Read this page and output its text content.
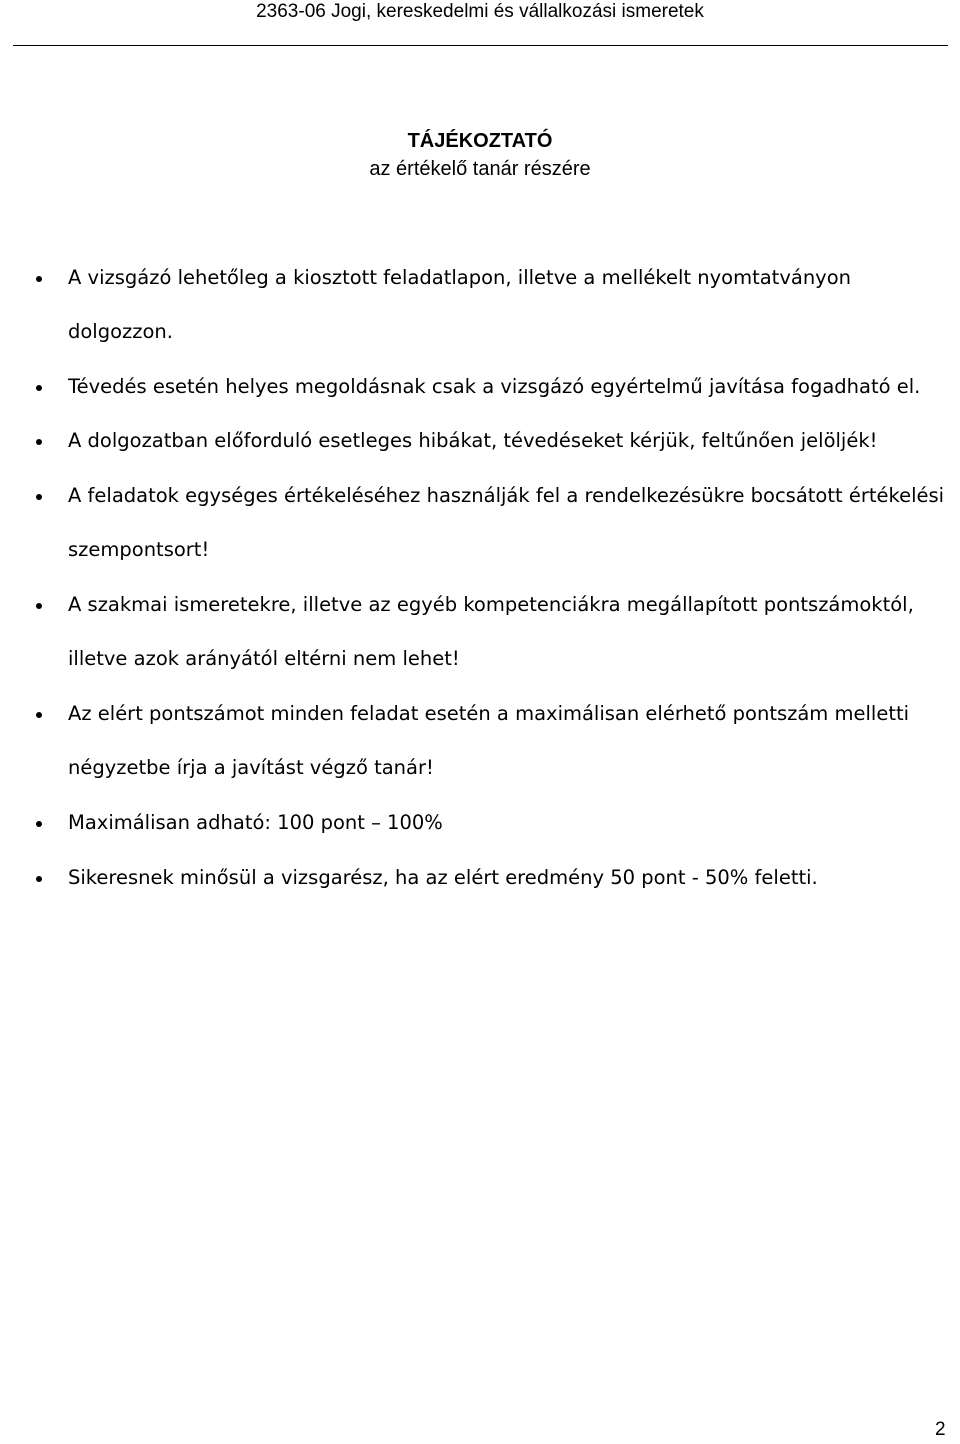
2363-06 Jogi, kereskedelmi és vállalkozási ismeretek
TÁJÉKOZTATÓ
az értékelő tanár részére
A vizsgázó lehetőleg a kiosztott feladatlapon, illetve a mellékelt nyomtatványon dolgozzon.
Tévedés esetén helyes megoldásnak csak a vizsgázó egyértelmű javítása fogadható el.
A dolgozatban előforduló esetleges hibákat, tévedéseket kérjük, feltűnően jelöljék!
A feladatok egységes értékeléséhez használják fel a rendelkezésükre bocsátott értékelési szempontsort!
A szakmai ismeretekre, illetve az egyéb kompetenciákra megállapított pontszámoktól, illetve azok arányától eltérni nem lehet!
Az elért pontszámot minden feladat esetén a maximálisan elérhető pontszám melletti négyzetbe írja a javítást végző tanár!
Maximálisan adható: 100 pont – 100%
Sikeresnek minősül a vizsgarész, ha az elért eredmény 50 pont - 50% feletti.
2
